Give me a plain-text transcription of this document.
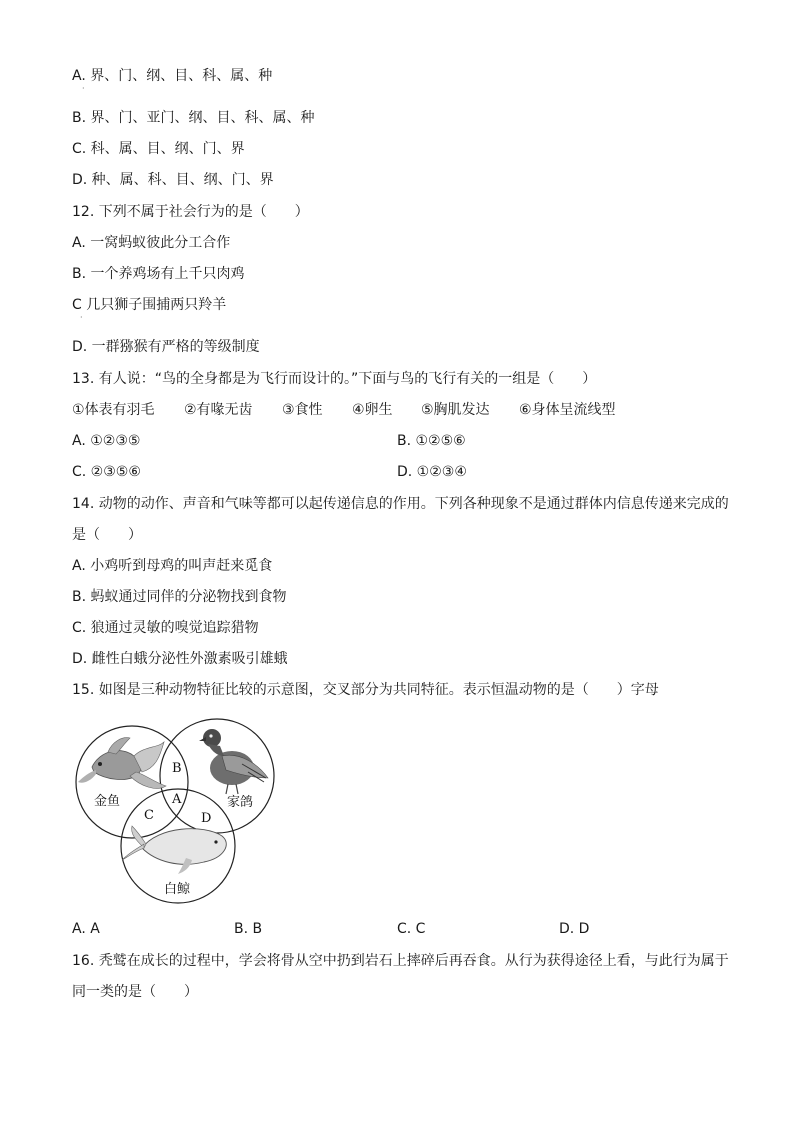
A. 界、门、纲、目、科、属、种
·
B. 界、门、亚门、纲、目、科、属、种
C. 科、属、目、纲、门、界
D. 种、属、科、目、纲、门、界
12. 下列不属于社会行为的是（　　）
A. 一窝蚂蚁彼此分工合作
B. 一个养鸡场有上千只肉鸡
C 几只狮子围捕两只羚羊
·
D. 一群猕猴有严格的等级制度
13. 有人说：“鸟的全身都是为飞行而设计的。”下面与鸟的飞行有关的一组是（　　）
①体表有羽毛 ②有喙无齿 ③食性 ④卵生 ⑤胸肌发达 ⑥身体呈流线型
A. ①②③⑤	B. ①②⑤⑥
C. ②③⑤⑥	D. ①②③④
14. 动物的动作、声音和气味等都可以起传递信息的作用。下列各种现象不是通过群体内信息传递来完成的
是（　　）
A. 小鸡听到母鸡的叫声赶来觅食
B. 蚂蚁通过同伴的分泌物找到食物
C. 狼通过灵敏的嗅觉追踪猎物
D. 雌性白蛾分泌性外激素吸引雄蛾
15. 如图是三种动物特征比较的示意图，交叉部分为共同特征。表示恒温动物的是（　　）字母
B
A
C	D
金鱼	家鸽
白鲸
A. A	B. B	C. C	D. D
16. 秃鹫在成长的过程中，学会将骨从空中扔到岩石上摔碎后再吞食。从行为获得途径上看，与此行为属于
同一类的是（　　）
